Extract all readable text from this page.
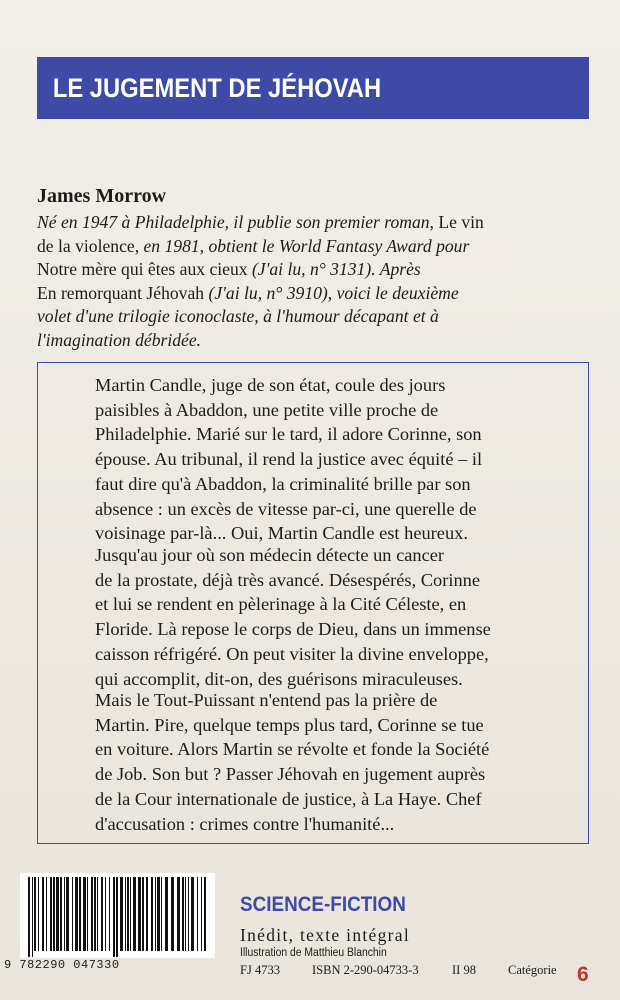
LE JUGEMENT DE JÉHOVAH
James Morrow
Né en 1947 à Philadelphie, il publie son premier roman, Le vin
de la violence, en 1981, obtient le World Fantasy Award pour
Notre mère qui êtes aux cieux (J'ai lu, n° 3131). Après
En remorquant Jéhovah (J'ai lu, n° 3910), voici le deuxième
volet d'une trilogie iconoclaste, à l'humour décapant et à
l'imagination débridée.

Martin Candle, juge de son état, coule des jours
paisibles à Abaddon, une petite ville proche de
Philadelphie. Marié sur le tard, il adore Corinne, son
épouse. Au tribunal, il rend la justice avec équité – il
faut dire qu'à Abaddon, la criminalité brille par son
absence : un excès de vitesse par-ci, une querelle de
voisinage par-là... Oui, Martin Candle est heureux.

Jusqu'au jour où son médecin détecte un cancer
de la prostate, déjà très avancé. Désespérés, Corinne
et lui se rendent en pèlerinage à la Cité Céleste, en
Floride. Là repose le corps de Dieu, dans un immense
caisson réfrigéré. On peut visiter la divine enveloppe,
qui accomplit, dit-on, des guérisons miraculeuses.

Mais le Tout-Puissant n'entend pas la prière de
Martin. Pire, quelque temps plus tard, Corinne se tue
en voiture. Alors Martin se révolte et fonde la Société
de Job. Son but ? Passer Jéhovah en jugement auprès
de la Cour internationale de justice, à La Haye. Chef
d'accusation : crimes contre l'humanité...

9 782290 047330
SCIENCE-FICTION
Inédit, texte intégral
Illustration de Matthieu Blanchin
FJ 4733	ISBN 2-290-04733-3	II 98	Catégorie 6
